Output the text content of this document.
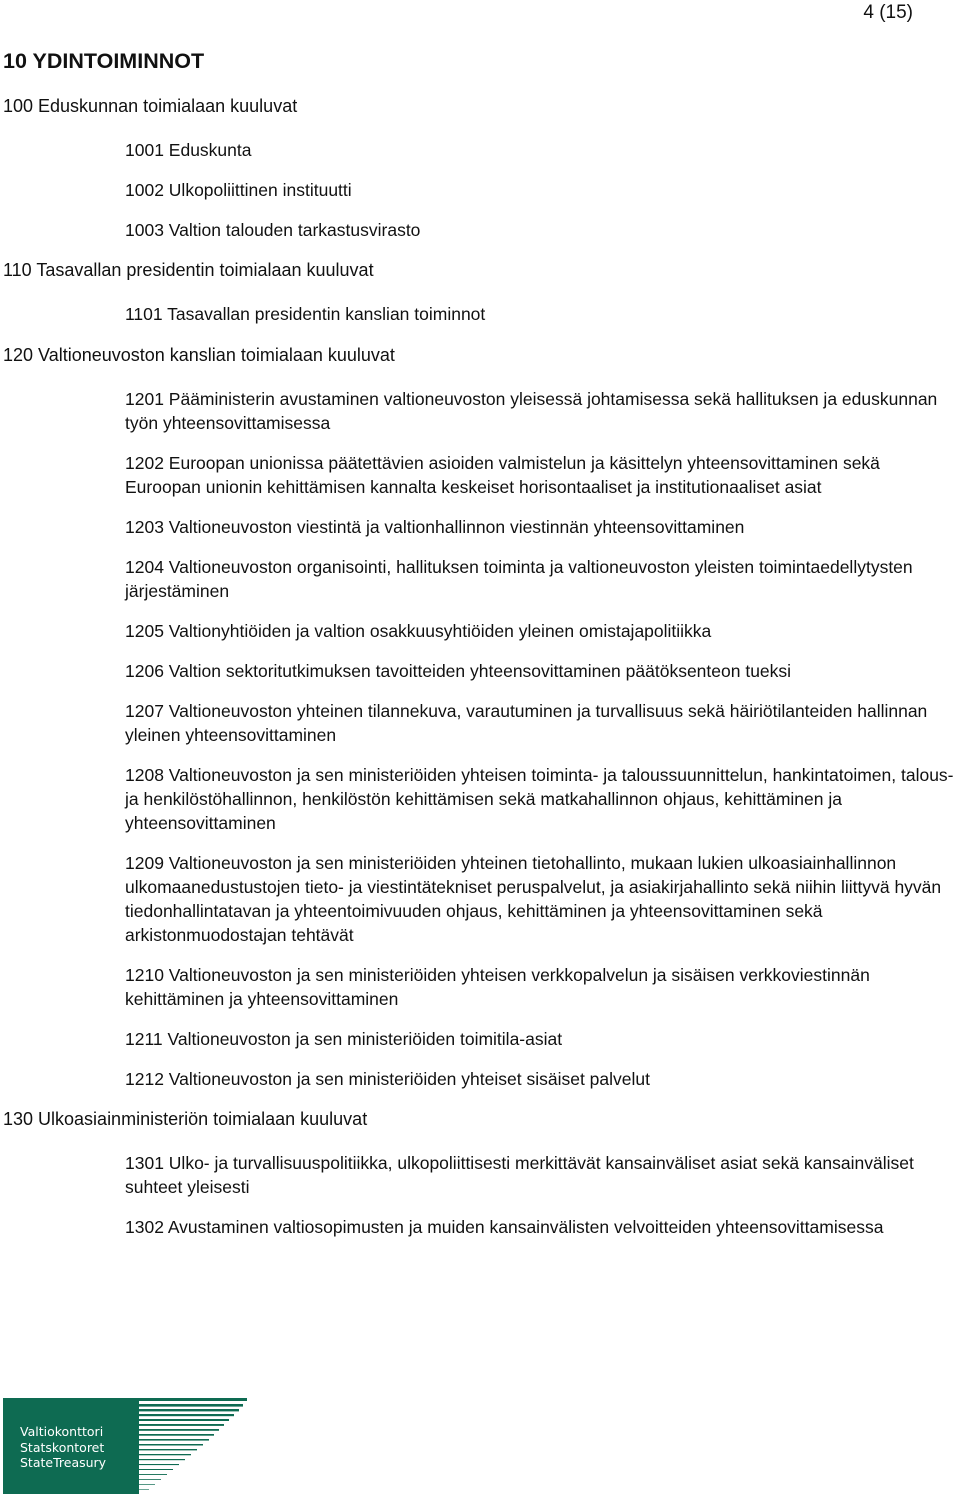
4 (15)
10 YDINTOIMINNOT
100 Eduskunnan toimialaan kuuluvat
1001 Eduskunta
1002 Ulkopoliittinen instituutti
1003 Valtion talouden tarkastusvirasto
110 Tasavallan presidentin toimialaan kuuluvat
1101 Tasavallan presidentin kanslian toiminnot
120 Valtioneuvoston kanslian toimialaan kuuluvat
1201 Pääministerin avustaminen valtioneuvoston yleisessä johtamisessa sekä hallituksen ja eduskunnan työn yhteensovittamisessa
1202 Euroopan unionissa päätettävien asioiden valmistelun ja käsittelyn yhteensovittaminen sekä Euroopan unionin kehittämisen kannalta keskeiset horisontaaliset ja institutionaaliset asiat
1203 Valtioneuvoston viestintä ja valtionhallinnon viestinnän yhteensovittaminen
1204 Valtioneuvoston organisointi, hallituksen toiminta ja valtioneuvoston yleisten toimintaedellytysten järjestäminen
1205 Valtionyhtiöiden ja valtion osakkuusyhtiöiden yleinen omistajapolitiikka
1206 Valtion sektoritutkimuksen tavoitteiden yhteensovittaminen päätöksenteon tueksi
1207 Valtioneuvoston yhteinen tilannekuva, varautuminen ja turvallisuus sekä häiriötilanteiden hallinnan yleinen yhteensovittaminen
1208 Valtioneuvoston ja sen ministeriöiden yhteisen toiminta- ja taloussuunnittelun, hankintatoimen, talous- ja henkilöstöhallinnon, henkilöstön kehittämisen sekä matkahallinnon ohjaus, kehittäminen ja yhteensovittaminen
1209 Valtioneuvoston ja sen ministeriöiden yhteinen tietohallinto, mukaan lukien ulkoasiainhallinnon ulkomaanedustustojen tieto- ja viestintätekniset peruspalvelut, ja asiakirjahallinto sekä niihin liittyvä hyvän tiedonhallintatavan ja yhteentoimivuuden ohjaus, kehittäminen ja yhteensovittaminen sekä arkistonmuodostajan tehtävät
1210 Valtioneuvoston ja sen ministeriöiden yhteisen verkkopalvelun ja sisäisen verkkoviestinnän kehittäminen ja yhteensovittaminen
1211 Valtioneuvoston ja sen ministeriöiden toimitila-asiat
1212 Valtioneuvoston ja sen ministeriöiden yhteiset sisäiset palvelut
130 Ulkoasiainministeriön toimialaan kuuluvat
1301 Ulko- ja turvallisuuspolitiikka, ulkopoliittisesti merkittävät kansainväliset asiat sekä kansainväliset suhteet yleisesti
1302 Avustaminen valtiosopimusten ja muiden kansainvälisten velvoitteiden yhteensovittamisessa
Valtiokonttori
Statskontoret
StateTreasury
